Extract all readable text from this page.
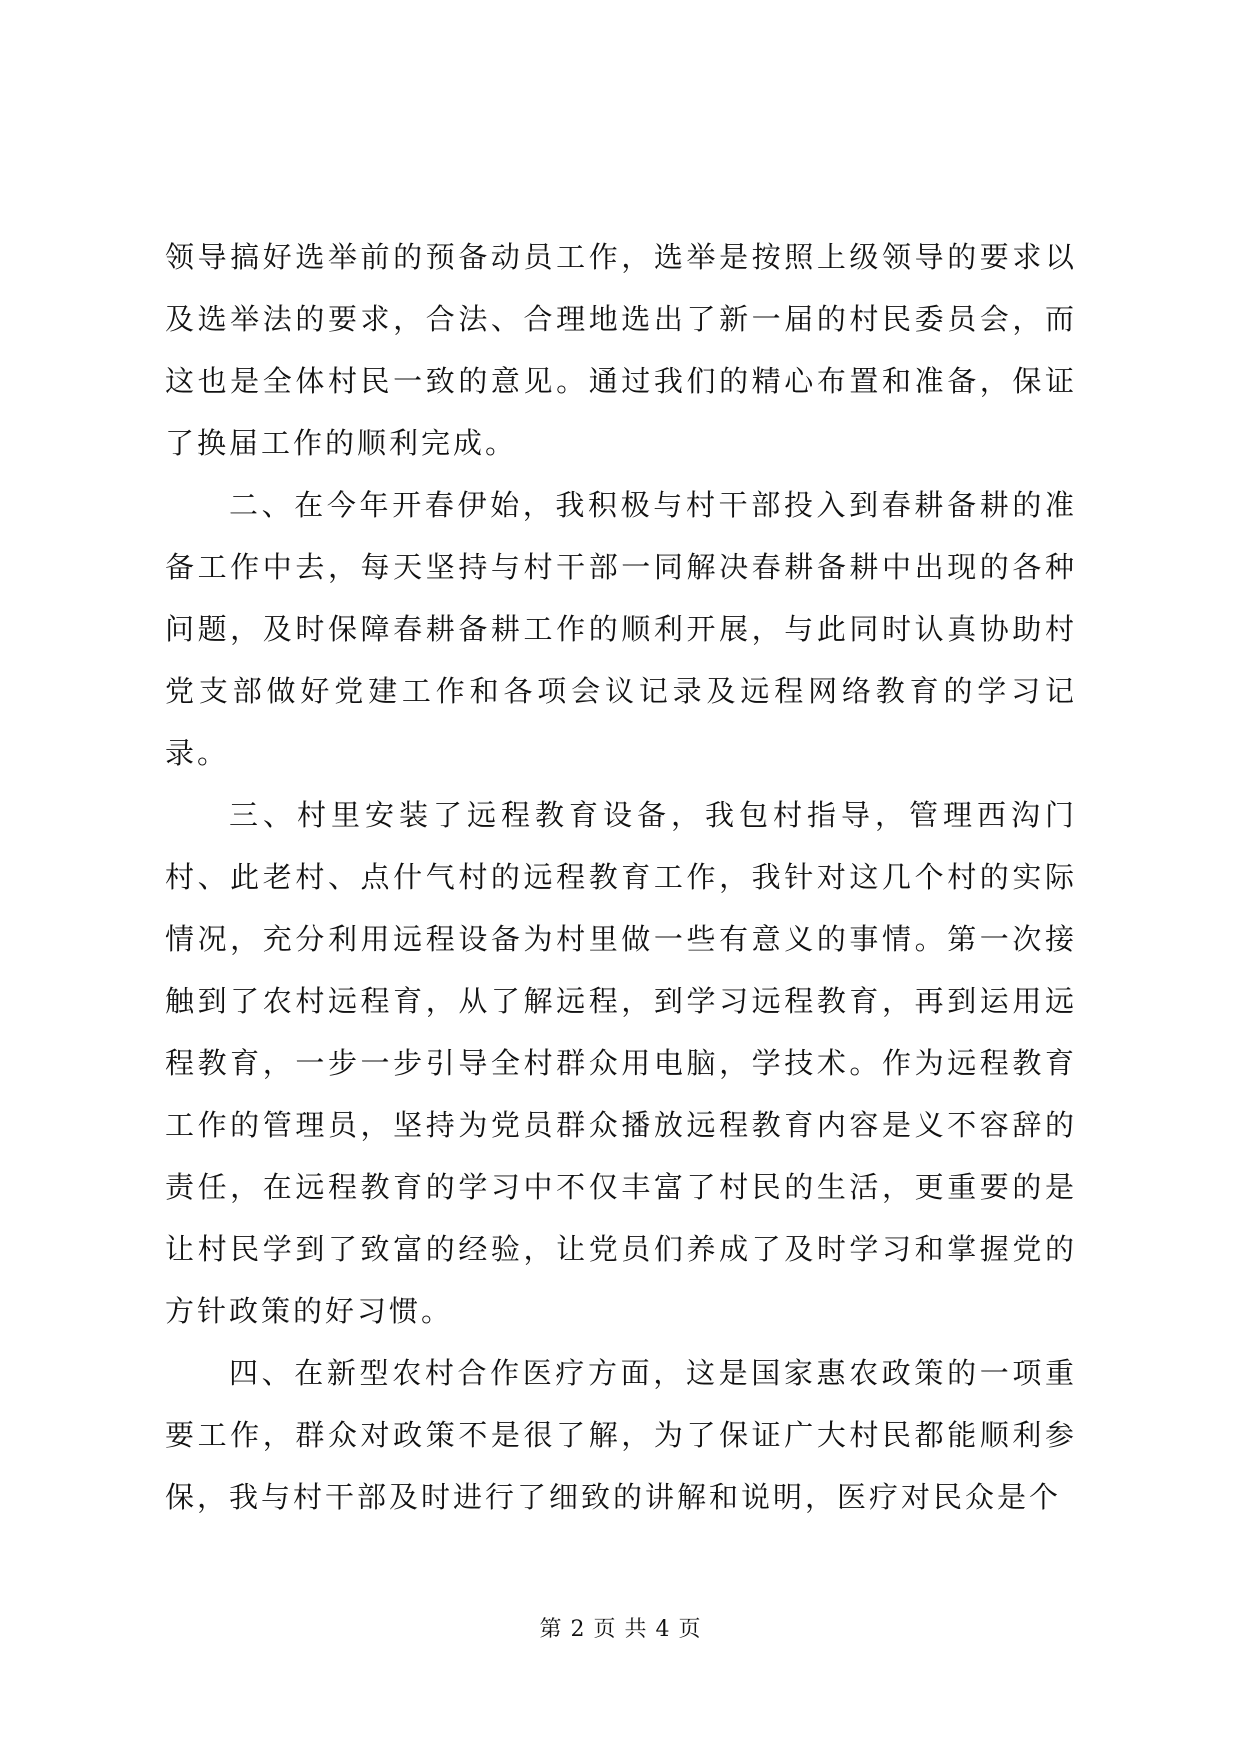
领导搞好选举前的预备动员工作，选举是按照上级领导的要求以及选举法的要求，合法、合理地选出了新一届的村民委员会，而这也是全体村民一致的意见。通过我们的精心布置和准备，保证了换届工作的顺利完成。

二、在今年开春伊始，我积极与村干部投入到春耕备耕的准备工作中去，每天坚持与村干部一同解决春耕备耕中出现的各种问题，及时保障春耕备耕工作的顺利开展，与此同时认真协助村党支部做好党建工作和各项会议记录及远程网络教育的学习记录。

三、村里安装了远程教育设备，我包村指导，管理西沟门村、此老村、点什气村的远程教育工作，我针对这几个村的实际情况，充分利用远程设备为村里做一些有意义的事情。第一次接触到了农村远程育，从了解远程，到学习远程教育，再到运用远程教育，一步一步引导全村群众用电脑，学技术。作为远程教育工作的管理员，坚持为党员群众播放远程教育内容是义不容辞的责任，在远程教育的学习中不仅丰富了村民的生活，更重要的是让村民学到了致富的经验，让党员们养成了及时学习和掌握党的方针政策的好习惯。

四、在新型农村合作医疗方面，这是国家惠农政策的一项重要工作，群众对政策不是很了解，为了保证广大村民都能顺利参保，我与村干部及时进行了细致的讲解和说明，医疗对民众是个

第 2 页 共 4 页
